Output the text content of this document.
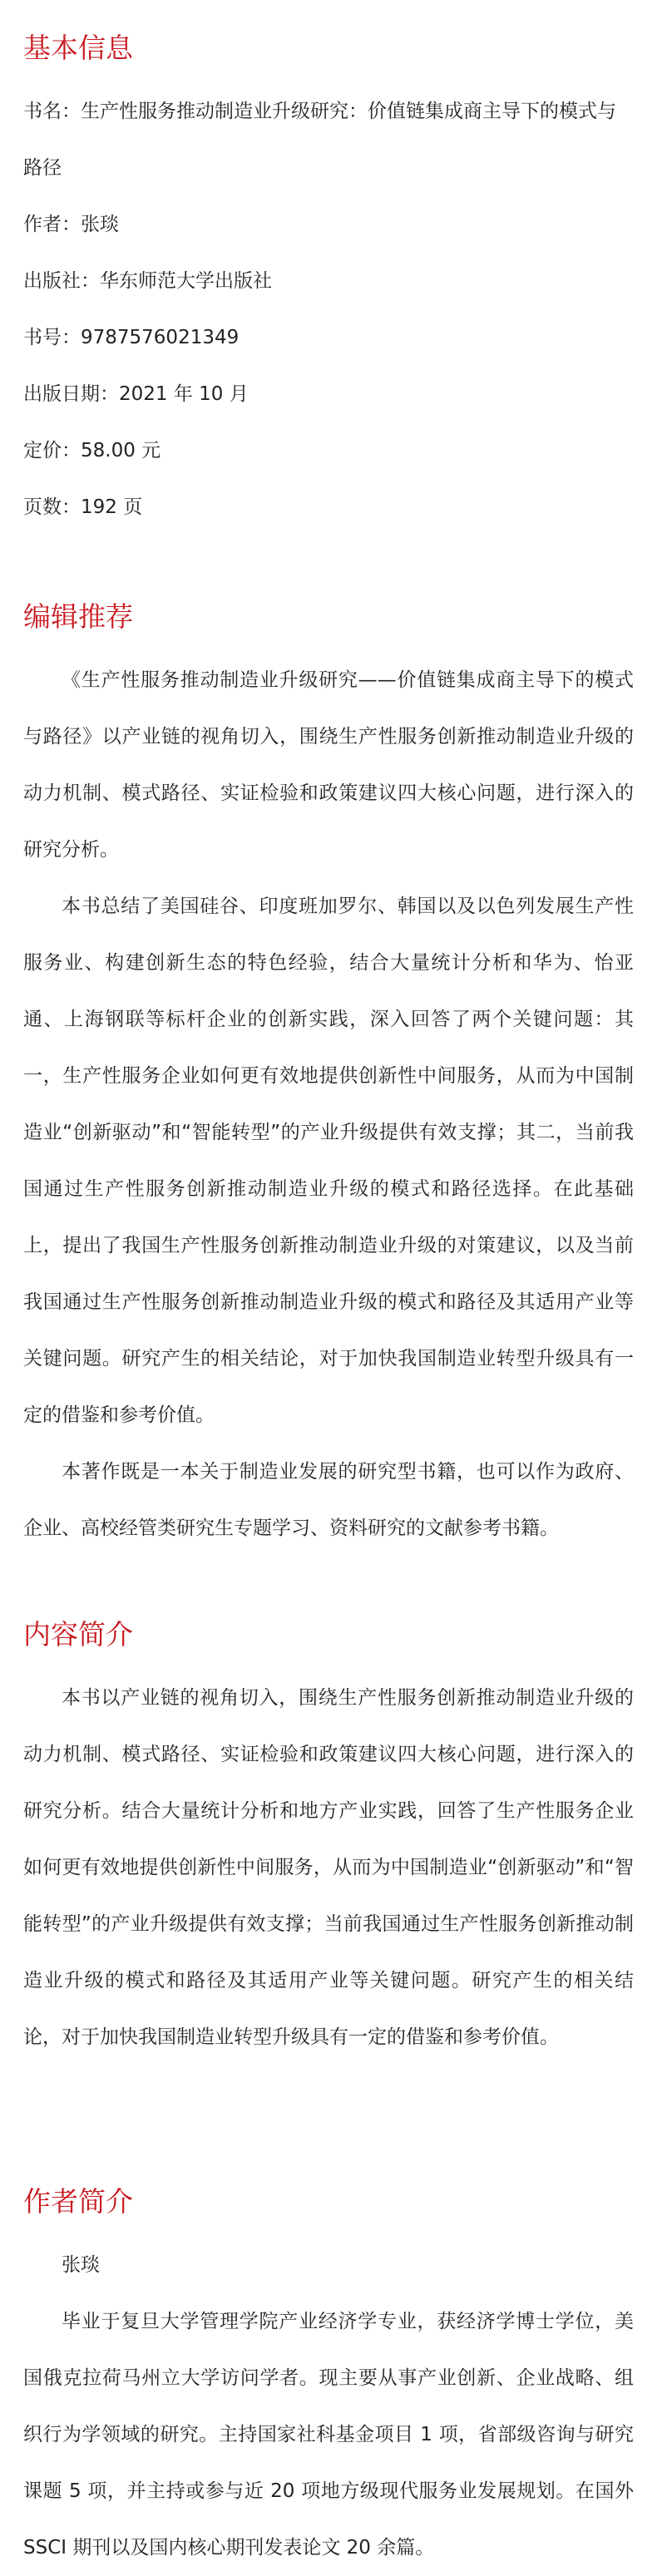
基本信息

书名：生产性服务推动制造业升级研究：价值链集成商主导下的模式与路径

作者：张琰

出版社：华东师范大学出版社

书号：9787576021349

出版日期：2021 年 10 月

定价：58.00 元

页数：192 页

编辑推荐

《生产性服务推动制造业升级研究——价值链集成商主导下的模式与路径》以产业链的视角切入，围绕生产性服务创新推动制造业升级的动力机制、模式路径、实证检验和政策建议四大核心问题，进行深入的研究分析。

本书总结了美国硅谷、印度班加罗尔、韩国以及以色列发展生产性服务业、构建创新生态的特色经验，结合大量统计分析和华为、怡亚通、上海钢联等标杆企业的创新实践，深入回答了两个关键问题：其一，生产性服务企业如何更有效地提供创新性中间服务，从而为中国制造业“创新驱动”和“智能转型”的产业升级提供有效支撑；其二，当前我国通过生产性服务创新推动制造业升级的模式和路径选择。在此基础上，提出了我国生产性服务创新推动制造业升级的对策建议，以及当前我国通过生产性服务创新推动制造业升级的模式和路径及其适用产业等关键问题。研究产生的相关结论，对于加快我国制造业转型升级具有一定的借鉴和参考价值。

本著作既是一本关于制造业发展的研究型书籍，也可以作为政府、企业、高校经管类研究生专题学习、资料研究的文献参考书籍。

内容简介

本书以产业链的视角切入，围绕生产性服务创新推动制造业升级的动力机制、模式路径、实证检验和政策建议四大核心问题，进行深入的研究分析。结合大量统计分析和地方产业实践，回答了生产性服务企业如何更有效地提供创新性中间服务，从而为中国制造业“创新驱动”和“智能转型”的产业升级提供有效支撑；当前我国通过生产性服务创新推动制造业升级的模式和路径及其适用产业等关键问题。研究产生的相关结论，对于加快我国制造业转型升级具有一定的借鉴和参考价值。

作者简介

张琰

毕业于复旦大学管理学院产业经济学专业，获经济学博士学位，美国俄克拉荷马州立大学访问学者。现主要从事产业创新、企业战略、组织行为学领域的研究。主持国家社科基金项目 1 项，省部级咨询与研究课题 5 项，并主持或参与近 20 项地方级现代服务业发展规划。在国外 SSCI 期刊以及国内核心期刊发表论文 20 余篇。
